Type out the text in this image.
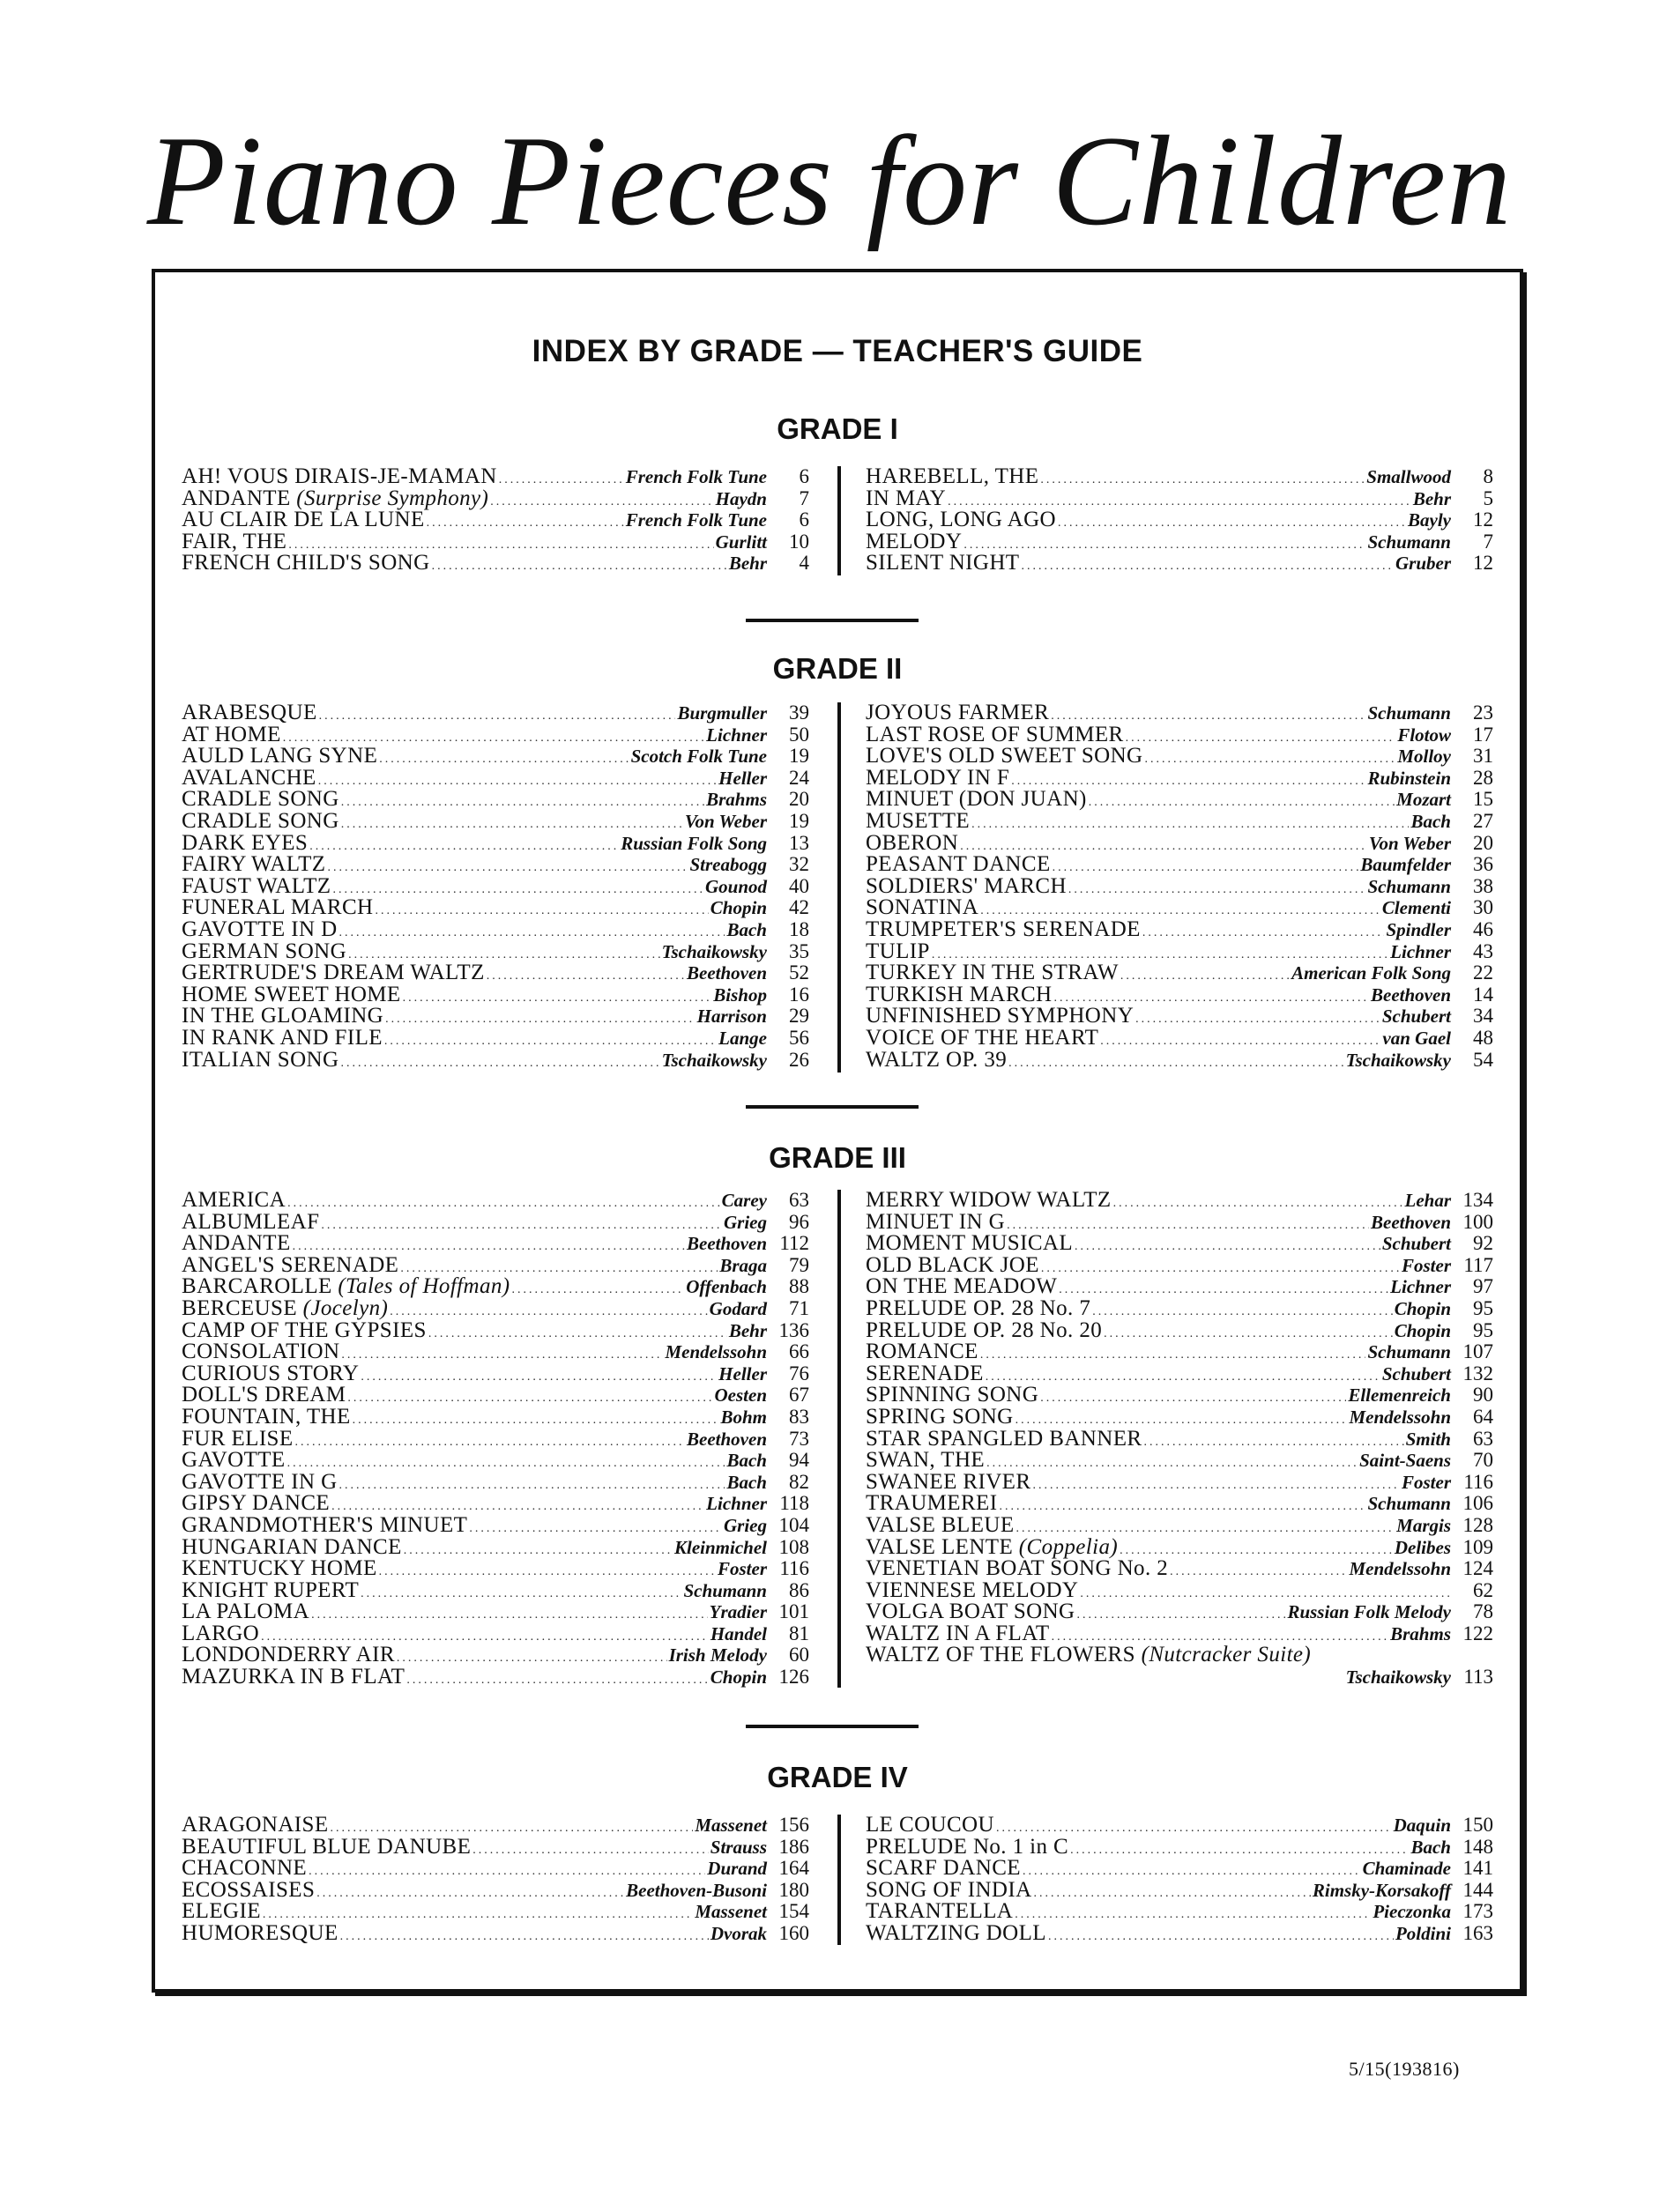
Piano Pieces for Children
INDEX BY GRADE — TEACHER'S GUIDE
GRADE I
AH! VOUS DIRAIS-JE-MAMAN .....	French Folk Tune	6
ANDANTE (Surprise Symphony) .....	Haydn	7
AU CLAIR DE LA LUNE .....	French Folk Tune	6
FAIR, THE .....	Gurlitt	10
FRENCH CHILD'S SONG .....	Behr	4
HAREBELL, THE .....	Smallwood	8
IN MAY .....	Behr	5
LONG, LONG AGO .....	Bayly	12
MELODY .....	Schumann	7
SILENT NIGHT .....	Gruber	12
GRADE II
ARABESQUE .....	Burgmuller	39
AT HOME .....	Lichner	50
AULD LANG SYNE .....	Scotch Folk Tune	19
AVALANCHE .....	Heller	24
CRADLE SONG .....	Brahms	20
CRADLE SONG .....	Von Weber	19
DARK EYES .....	Russian Folk Song	13
FAIRY WALTZ .....	Streabogg	32
FAUST WALTZ .....	Gounod	40
FUNERAL MARCH .....	Chopin	42
GAVOTTE IN D .....	Bach	18
GERMAN SONG .....	Tschaikowsky	35
GERTRUDE'S DREAM WALTZ .....	Beethoven	52
HOME SWEET HOME .....	Bishop	16
IN THE GLOAMING .....	Harrison	29
IN RANK AND FILE .....	Lange	56
ITALIAN SONG .....	Tschaikowsky	26
JOYOUS FARMER .....	Schumann	23
LAST ROSE OF SUMMER .....	Flotow	17
LOVE'S OLD SWEET SONG .....	Molloy	31
MELODY IN F .....	Rubinstein	28
MINUET (DON JUAN) .....	Mozart	15
MUSETTE .....	Bach	27
OBERON .....	Von Weber	20
PEASANT DANCE .....	Baumfelder	36
SOLDIERS' MARCH .....	Schumann	38
SONATINA .....	Clementi	30
TRUMPETER'S SERENADE .....	Spindler	46
TULIP .....	Lichner	43
TURKEY IN THE STRAW .....	American Folk Song	22
TURKISH MARCH .....	Beethoven	14
UNFINISHED SYMPHONY .....	Schubert	34
VOICE OF THE HEART .....	van Gael	48
WALTZ OP. 39 .....	Tschaikowsky	54
GRADE III
AMERICA .....	Carey	63
ALBUMLEAF .....	Grieg	96
ANDANTE .....	Beethoven 112
ANGEL'S SERENADE .....	Braga	79
BARCAROLLE (Tales of Hoffman) .....	Offenbach	88
BERCEUSE (Jocelyn) .....	Godard	71
CAMP OF THE GYPSIES .....	Behr 136
CONSOLATION .....	Mendelssohn	66
CURIOUS STORY .....	Heller	76
DOLL'S DREAM .....	Oesten	67
FOUNTAIN, THE .....	Bohm	83
FUR ELISE .....	Beethoven	73
GAVOTTE .....	Bach	94
GAVOTTE IN G .....	Bach	82
GIPSY DANCE .....	Lichner 118
GRANDMOTHER'S MINUET .....	Grieg 104
HUNGARIAN DANCE .....	Kleinmichel 108
KENTUCKY HOME .....	Foster 116
KNIGHT RUPERT .....	Schumann	86
LA PALOMA .....	Yradier 101
LARGO .....	Handel	81
LONDONDERRY AIR .....	Irish Melody	60
MAZURKA IN B FLAT .....	Chopin 126
MERRY WIDOW WALTZ .....	Lehar 134
MINUET IN G .....	Beethoven 100
MOMENT MUSICAL .....	Schubert	92
OLD BLACK JOE .....	Foster 117
ON THE MEADOW .....	Lichner	97
PRELUDE OP. 28 No. 7 .....	Chopin	95
PRELUDE OP. 28 No. 20 .....	Chopin	95
ROMANCE .....	Schumann 107
SERENADE .....	Schubert 132
SPINNING SONG .....	Ellemenreich	90
SPRING SONG .....	Mendelssohn	64
STAR SPANGLED BANNER .....	Smith	63
SWAN, THE .....	Saint-Saens	70
SWANEE RIVER .....	Foster 116
TRAUMEREI .....	Schumann 106
VALSE BLEUE .....	Margis 128
VALSE LENTE (Coppelia) .....	Delibes 109
VENETIAN BOAT SONG No. 2 .....	Mendelssohn 124
VIENNESE MELODY .....	62
VOLGA BOAT SONG .....	Russian Folk Melody	78
WALTZ IN A FLAT .....	Brahms 122
WALTZ OF THE FLOWERS (Nutcracker Suite)
Tschaikowsky 113
GRADE IV
ARAGONAISE .....	Massenet 156
BEAUTIFUL BLUE DANUBE .....	Strauss 186
CHACONNE .....	Durand 164
ECOSSAISES .....	Beethoven-Busoni 180
ELEGIE .....	Massenet 154
HUMORESQUE .....	Dvorak 160
LE COUCOU .....	Daquin 150
PRELUDE No. 1 in C .....	Bach 148
SCARF DANCE .....	Chaminade 141
SONG OF INDIA .....	Rimsky-Korsakoff 144
TARANTELLA .....	Pieczonka 173
WALTZING DOLL .....	Poldini 163
5/15(193816)
